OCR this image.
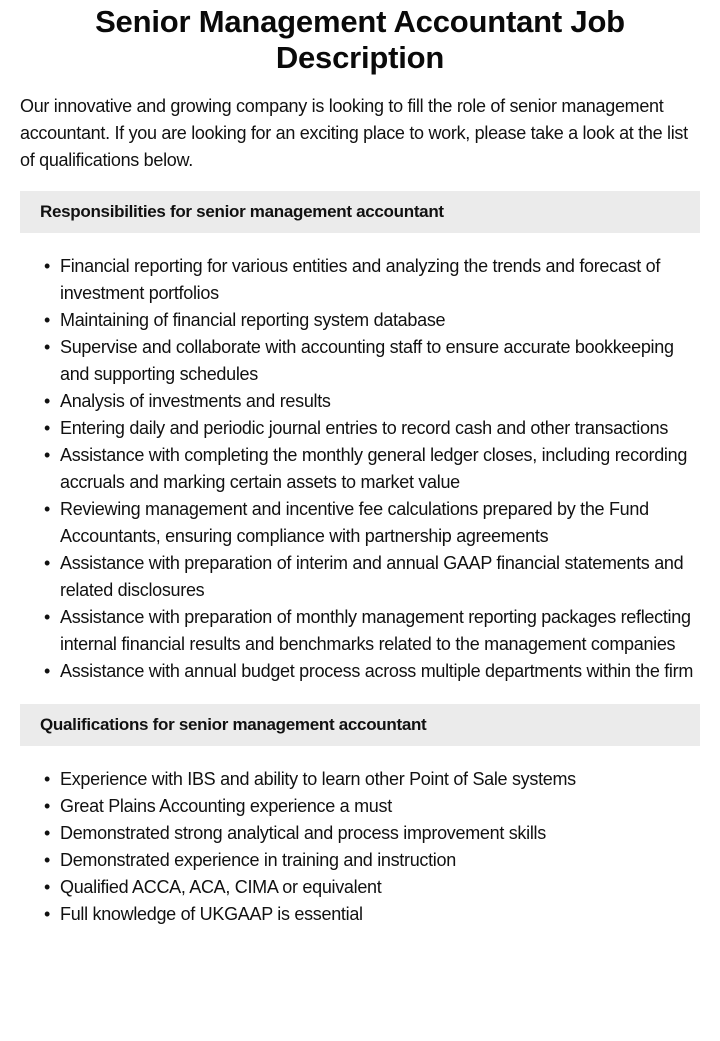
Senior Management Accountant Job Description

Our innovative and growing company is looking to fill the role of senior management accountant. If you are looking for an exciting place to work, please take a look at the list of qualifications below.

Responsibilities for senior management accountant
• Financial reporting for various entities and analyzing the trends and forecast of investment portfolios
• Maintaining of financial reporting system database
• Supervise and collaborate with accounting staff to ensure accurate bookkeeping and supporting schedules
• Analysis of investments and results
• Entering daily and periodic journal entries to record cash and other transactions
• Assistance with completing the monthly general ledger closes, including recording accruals and marking certain assets to market value
• Reviewing management and incentive fee calculations prepared by the Fund Accountants, ensuring compliance with partnership agreements
• Assistance with preparation of interim and annual GAAP financial statements and related disclosures
• Assistance with preparation of monthly management reporting packages reflecting internal financial results and benchmarks related to the management companies
• Assistance with annual budget process across multiple departments within the firm
Qualifications for senior management accountant
• Experience with IBS and ability to learn other Point of Sale systems
• Great Plains Accounting experience a must
• Demonstrated strong analytical and process improvement skills
• Demonstrated experience in training and instruction
• Qualified ACCA, ACA, CIMA or equivalent
• Full knowledge of UKGAAP is essential
